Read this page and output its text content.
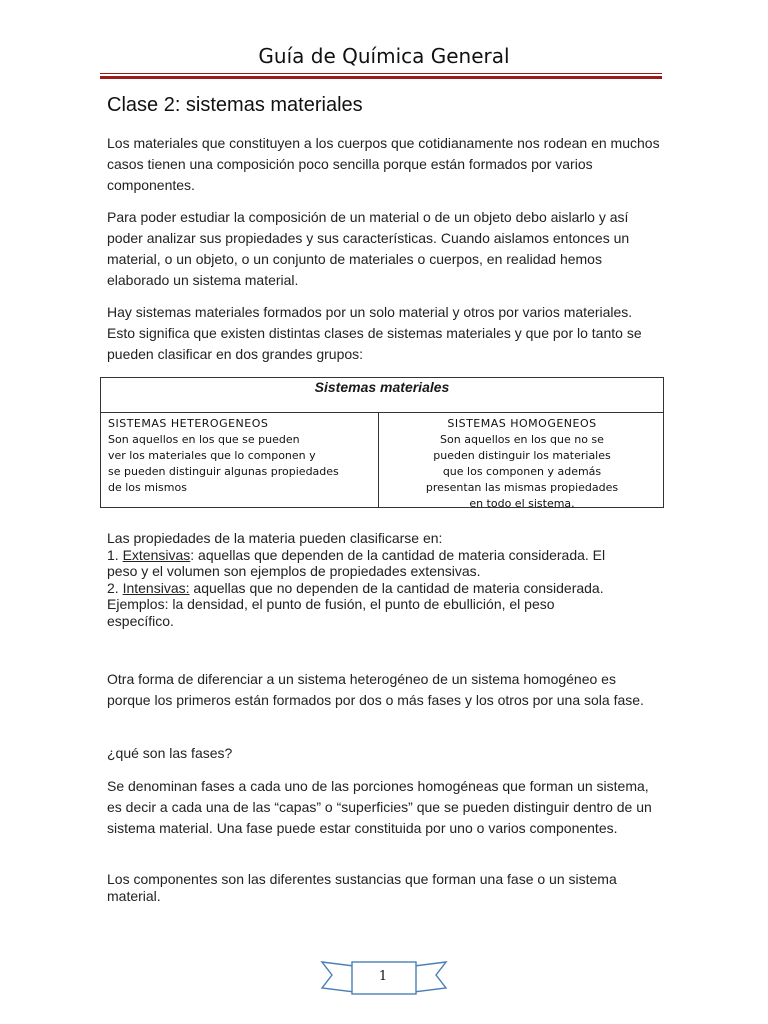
Guía de Química General
Clase 2: sistemas materiales

Los materiales que constituyen a los cuerpos que cotidianamente nos rodean en muchos casos tienen una composición poco sencilla porque están formados por varios componentes.

Para poder estudiar la composición de un material o de un objeto debo aislarlo y así poder analizar sus propiedades y sus características. Cuando aislamos entonces un material, o un objeto, o un conjunto de materiales o cuerpos, en realidad hemos elaborado un sistema material.

Hay sistemas materiales formados por un solo material y otros por varios materiales. Esto significa que existen distintas clases de sistemas materiales y que por lo tanto se pueden clasificar en dos grandes grupos:

Sistemas materiales
SISTEMAS HETEROGENEOS
Son aquellos en los que se pueden
ver los materiales que lo componen y
se pueden distinguir algunas propiedades
de los mismos
SISTEMAS HOMOGENEOS
Son aquellos en los que no se
pueden distinguir los materiales
que los componen y además
presentan las mismas propiedades
en todo el sistema.
Las propiedades de la materia pueden clasificarse en:
1. Extensivas: aquellas que dependen de la cantidad de materia considerada. El
peso y el volumen son ejemplos de propiedades extensivas.
2. Intensivas: aquellas que no dependen de la cantidad de materia considerada.
Ejemplos: la densidad, el punto de fusión, el punto de ebullición, el peso
específico.

Otra forma de diferenciar a un sistema heterogéneo de un sistema homogéneo es porque los primeros están formados por dos o más fases y los otros por una sola fase.

¿qué son las fases?

Se denominan fases a cada uno de las porciones homogéneas que forman un sistema, es decir a cada una de las “capas” o “superficies” que se pueden distinguir dentro de un sistema material. Una fase puede estar constituida por uno o varios componentes.

Los componentes son las diferentes sustancias que forman una fase o un sistema material.

1
